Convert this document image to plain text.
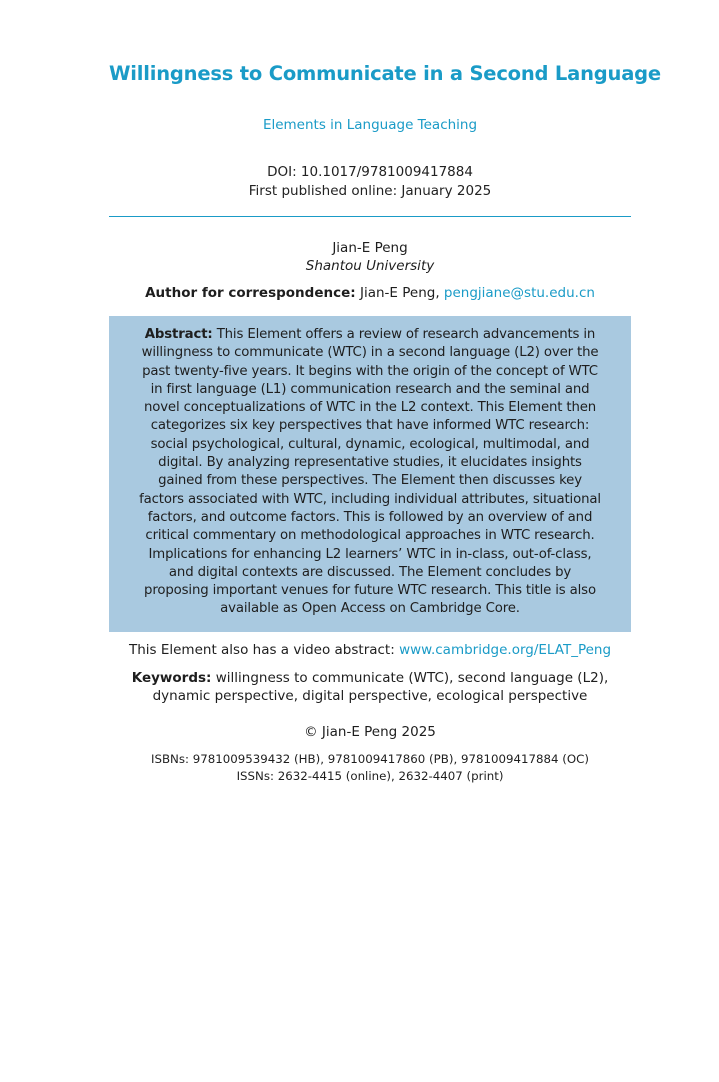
Willingness to Communicate in a Second Language
Elements in Language Teaching
DOI: 10.1017/9781009417884
First published online: January 2025
Jian-E Peng
Shantou University
Author for correspondence: Jian-E Peng, pengjiane@stu.edu.cn
Abstract: This Element offers a review of research advancements in willingness to communicate (WTC) in a second language (L2) over the past twenty-five years. It begins with the origin of the concept of WTC in first language (L1) communication research and the seminal and novel conceptualizations of WTC in the L2 context. This Element then categorizes six key perspectives that have informed WTC research: social psychological, cultural, dynamic, ecological, multimodal, and digital. By analyzing representative studies, it elucidates insights gained from these perspectives. The Element then discusses key factors associated with WTC, including individual attributes, situational factors, and outcome factors. This is followed by an overview of and critical commentary on methodological approaches in WTC research. Implications for enhancing L2 learners’ WTC in in-class, out-of-class, and digital contexts are discussed. The Element concludes by proposing important venues for future WTC research. This title is also available as Open Access on Cambridge Core.
This Element also has a video abstract: www.cambridge.org/ELAT_Peng
Keywords: willingness to communicate (WTC), second language (L2), dynamic perspective, digital perspective, ecological perspective
© Jian-E Peng 2025
ISBNs: 9781009539432 (HB), 9781009417860 (PB), 9781009417884 (OC)
ISSNs: 2632-4415 (online), 2632-4407 (print)
